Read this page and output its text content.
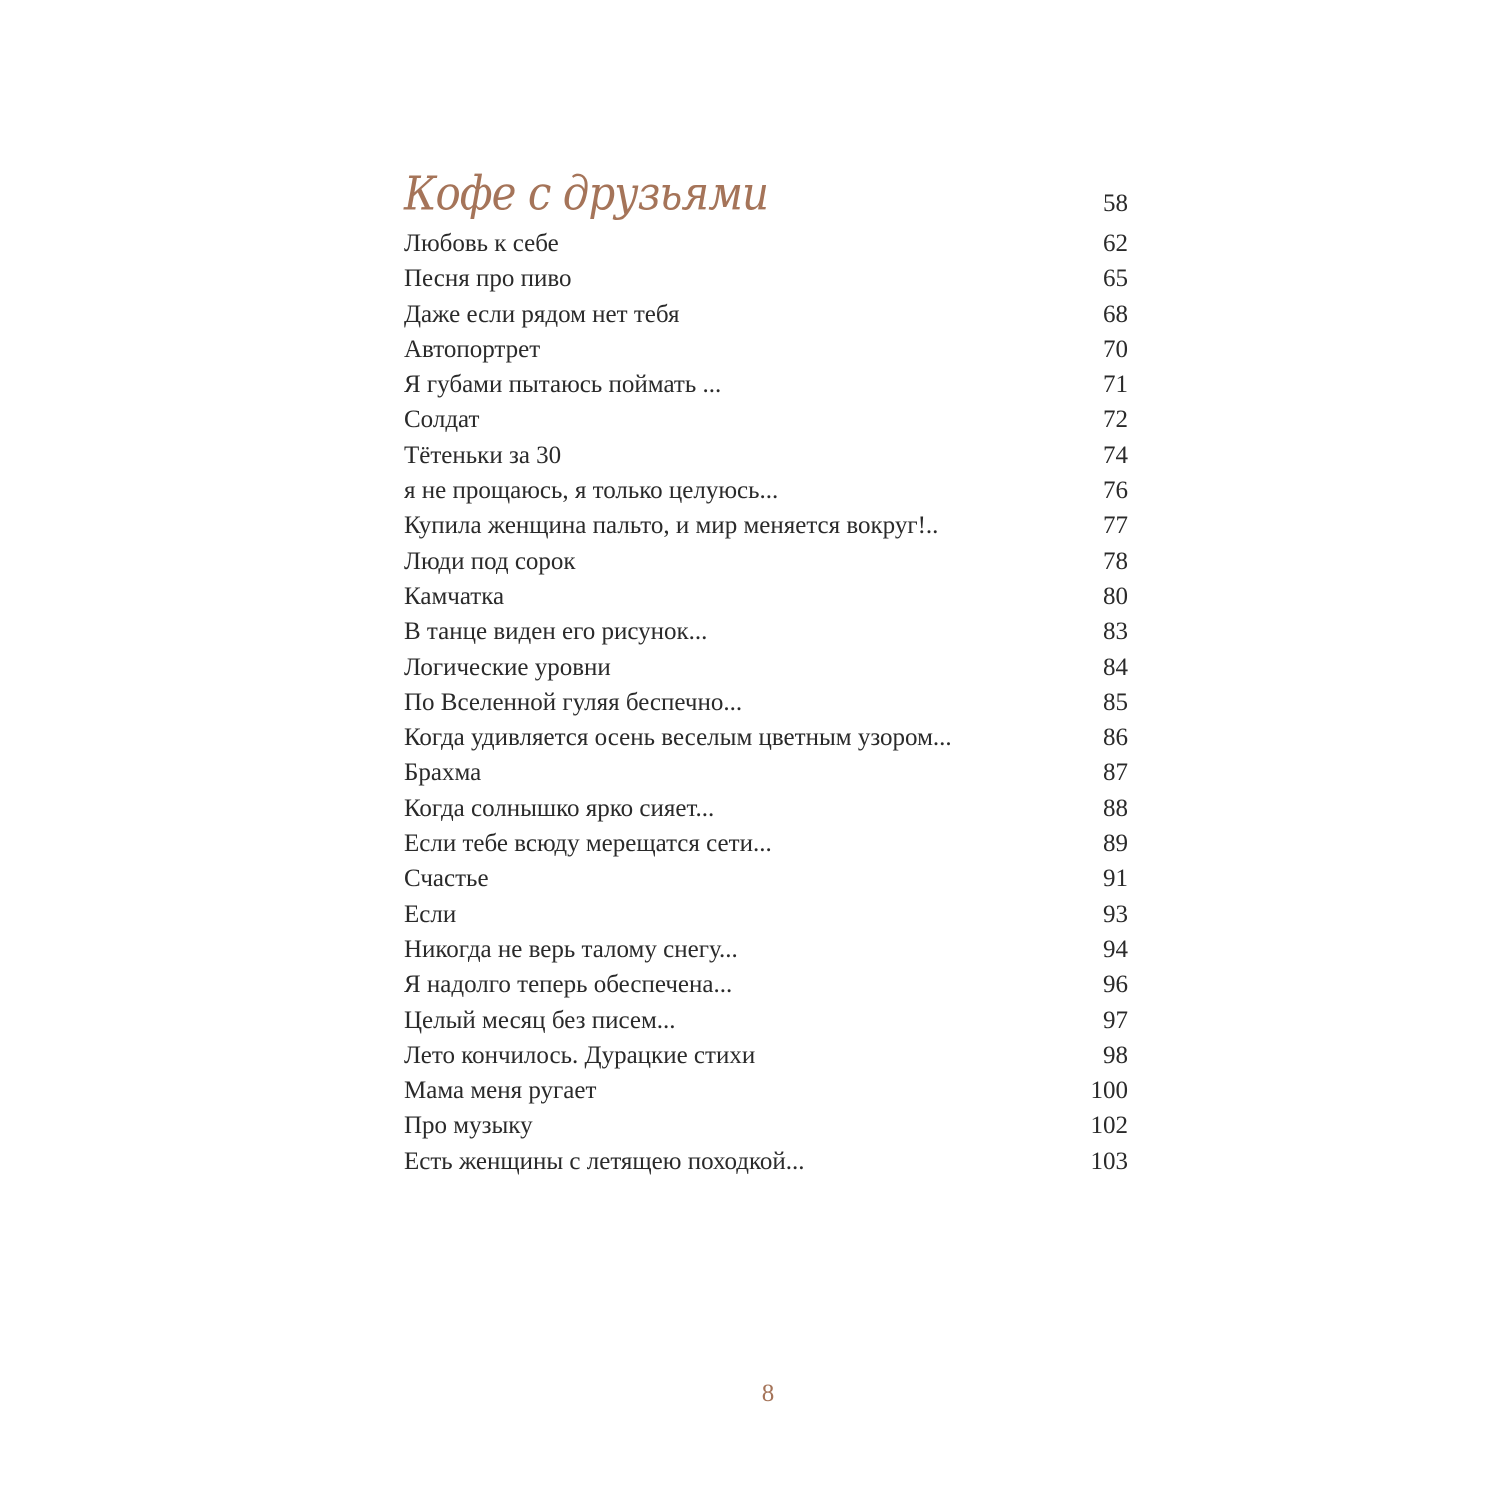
Кофе с друзьями	58
Любовь к себе	62
Песня про пиво	65
Даже если рядом нет тебя	68
Автопортрет	70
Я губами пытаюсь поймать ...	71
Солдат	72
Тётеньки за 30	74
я не прощаюсь, я только целуюсь...	76
Купила женщина пальто, и мир меняется вокруг!..	77
Люди под сорок	78
Камчатка	80
В танце виден его рисунок...	83
Логические уровни	84
По Вселенной гуляя беспечно...	85
Когда удивляется осень веселым цветным узором...	86
Брахма	87
Когда солнышко ярко сияет...	88
Если тебе всюду мерещатся сети...	89
Счастье	91
Если	93
Никогда не верь талому снегу...	94
Я надолго теперь обеспечена...	96
Целый месяц без писем...	97
Лето кончилось. Дурацкие стихи	98
Мама меня ругает	100
Про музыку	102
Есть женщины с летящею походкой...	103
8
